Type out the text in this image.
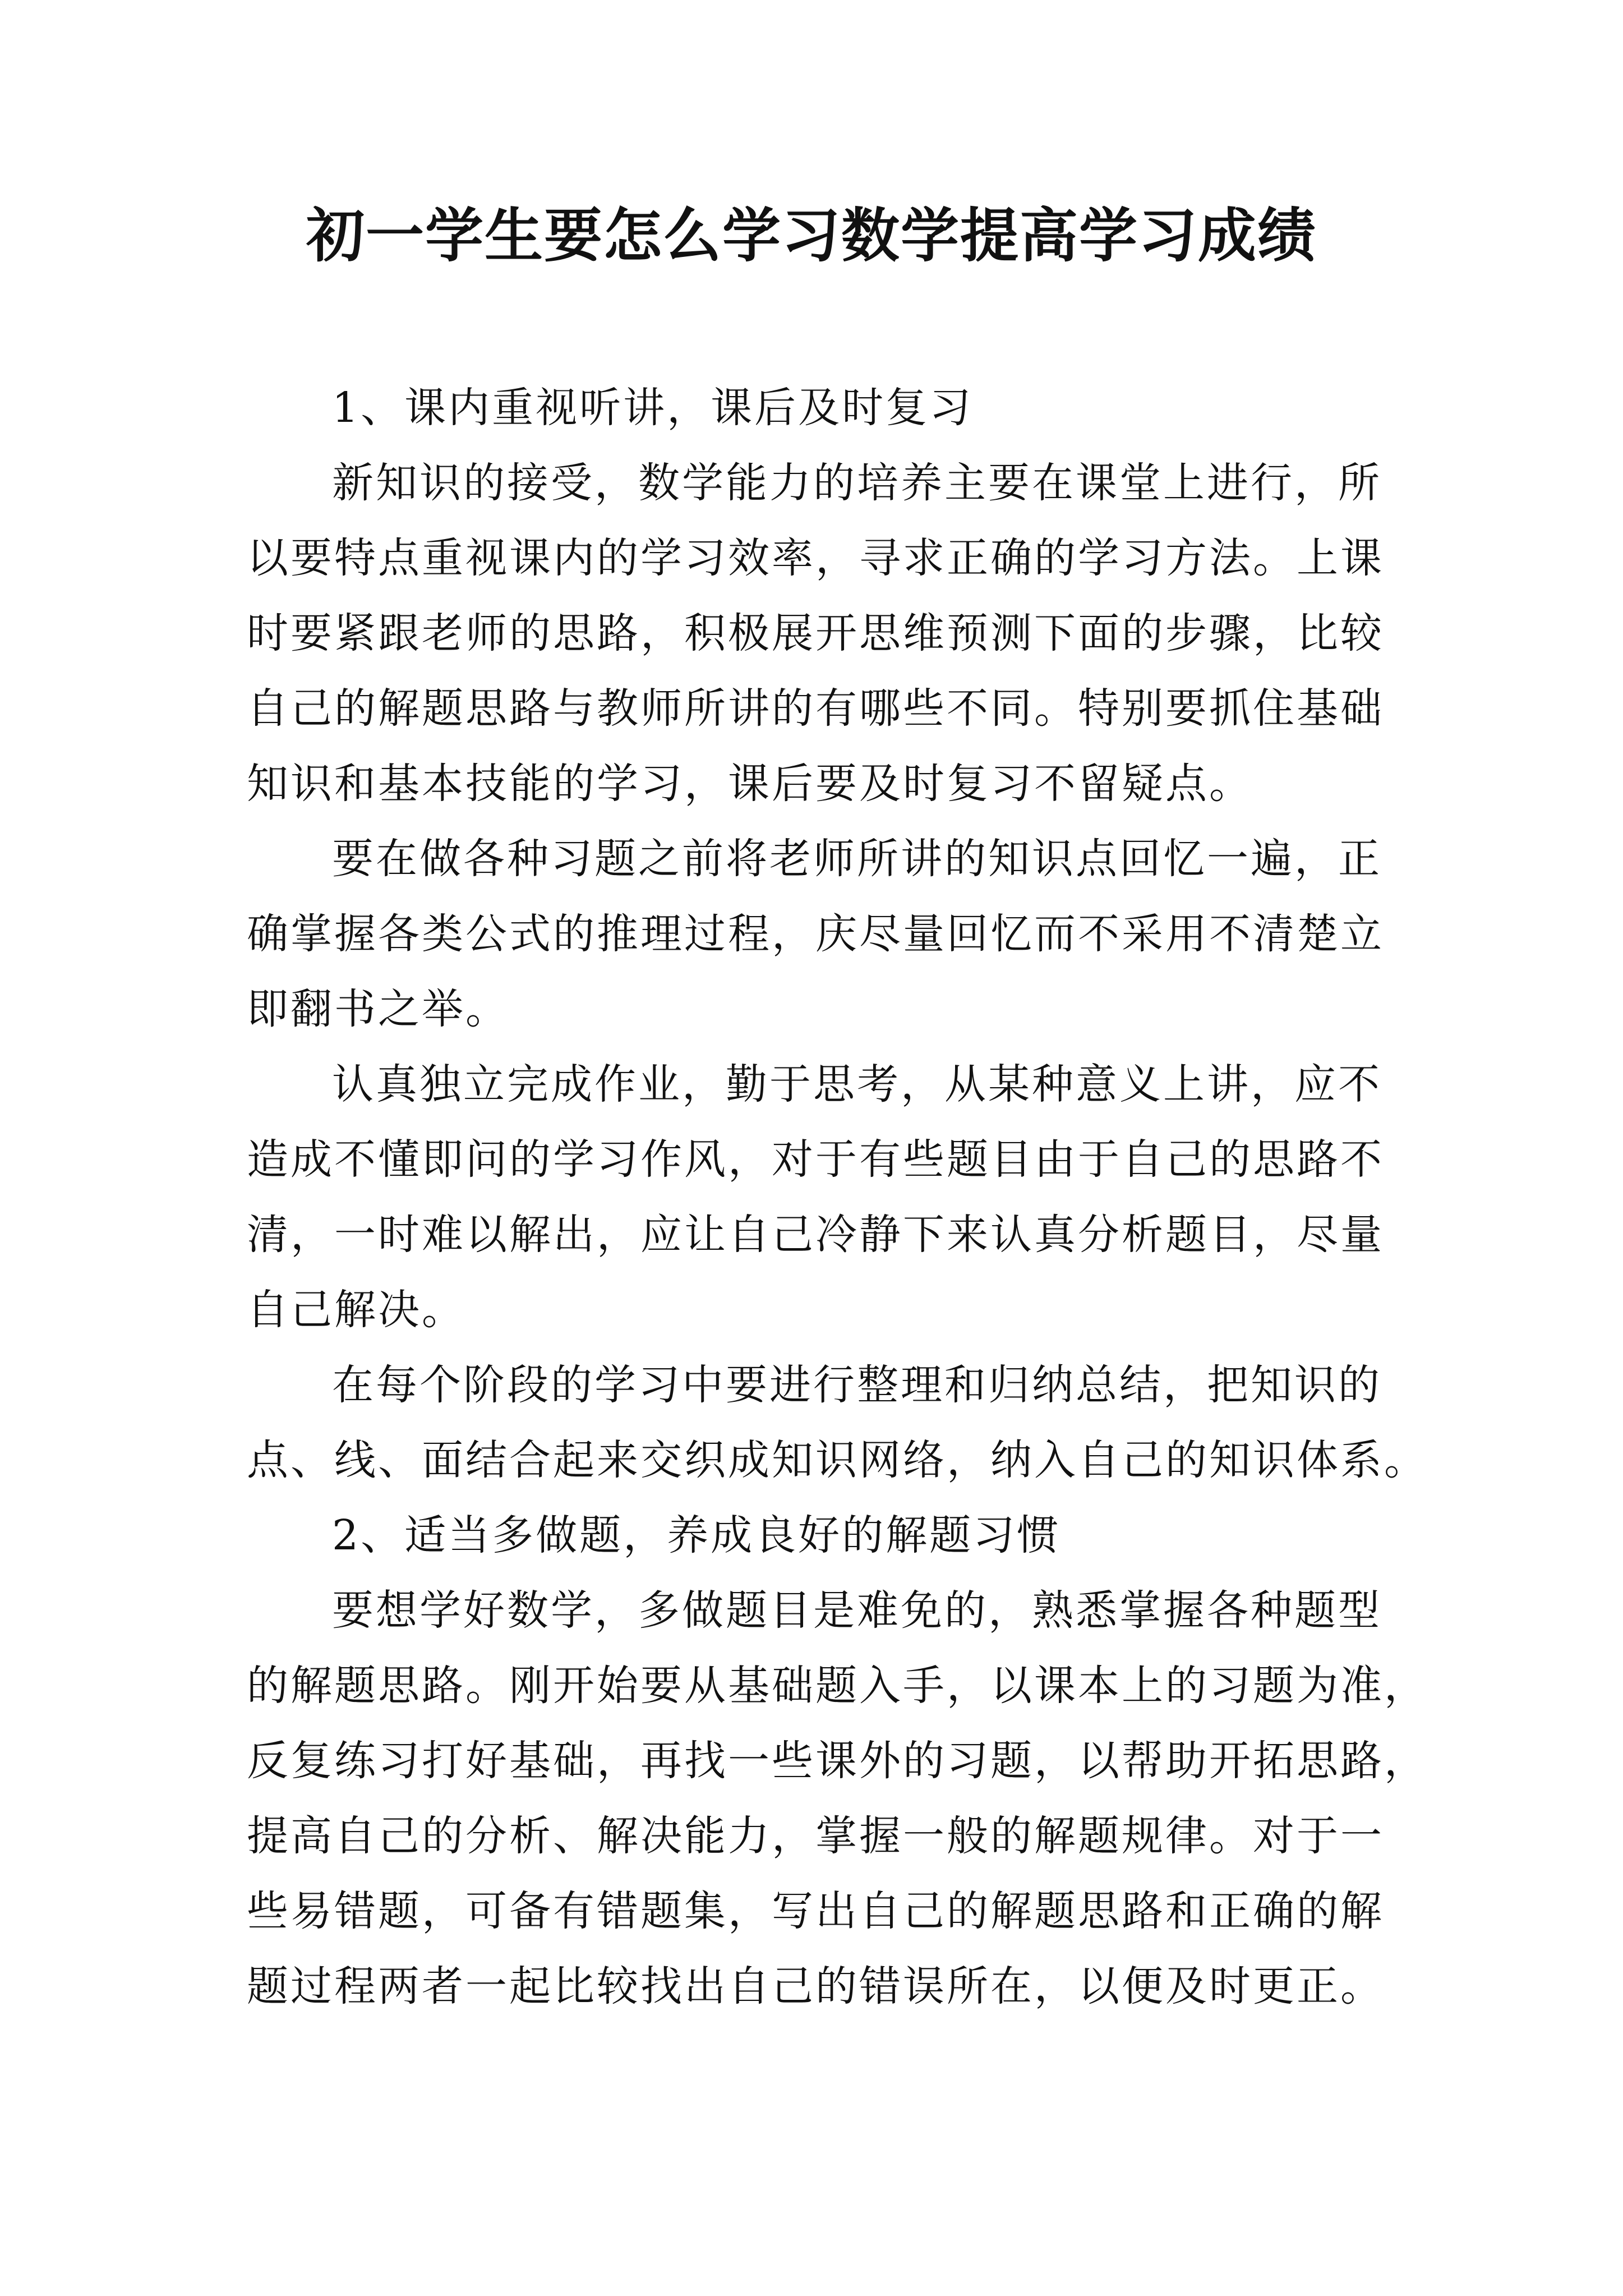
初一学生要怎么学习数学提高学习成绩

1、课内重视听讲，课后及时复习

新知识的接受，数学能力的培养主要在课堂上进行，所
以要特点重视课内的学习效率，寻求正确的学习方法。上课
时要紧跟老师的思路，积极展开思维预测下面的步骤，比较
自己的解题思路与教师所讲的有哪些不同。特别要抓住基础
知识和基本技能的学习，课后要及时复习不留疑点。

要在做各种习题之前将老师所讲的知识点回忆一遍，正
确掌握各类公式的推理过程，庆尽量回忆而不采用不清楚立
即翻书之举。

认真独立完成作业，勤于思考，从某种意义上讲，应不
造成不懂即问的学习作风，对于有些题目由于自己的思路不
清，一时难以解出，应让自己冷静下来认真分析题目，尽量
自己解决。

在每个阶段的学习中要进行整理和归纳总结，把知识的
点、线、面结合起来交织成知识网络，纳入自己的知识体系。

2、适当多做题，养成良好的解题习惯

要想学好数学，多做题目是难免的，熟悉掌握各种题型
的解题思路。刚开始要从基础题入手，以课本上的习题为准，
反复练习打好基础，再找一些课外的习题，以帮助开拓思路，
提高自己的分析、解决能力，掌握一般的解题规律。对于一
些易错题，可备有错题集，写出自己的解题思路和正确的解
题过程两者一起比较找出自己的错误所在，以便及时更正。
